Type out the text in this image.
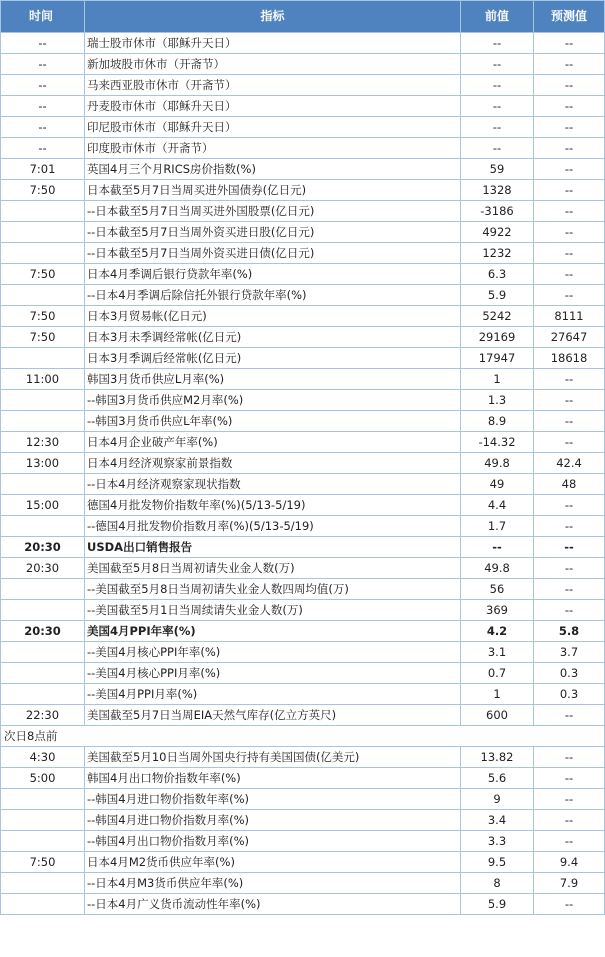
时间	指标	前值	预测值
--	瑞士股市休市（耶稣升天日）	--	--
--	新加坡股市休市（开斋节）	--	--
--	马来西亚股市休市（开斋节）	--	--
--	丹麦股市休市（耶稣升天日）	--	--
--	印尼股市休市（耶稣升天日）	--	--
--	印度股市休市（开斋节）	--	--
7:01	英国4月三个月RICS房价指数(%)	59	--
7:50	日本截至5月7日当周买进外国债券(亿日元)	1328	--
	--日本截至5月7日当周买进外国股票(亿日元)	-3186	--
	--日本截至5月7日当周外资买进日股(亿日元)	4922	--
	--日本截至5月7日当周外资买进日债(亿日元)	1232	--
7:50	日本4月季调后银行贷款年率(%)	6.3	--
	--日本4月季调后除信托外银行贷款年率(%)	5.9	--
7:50	日本3月贸易帐(亿日元)	5242	8111
7:50	日本3月未季调经常帐(亿日元)	29169	27647
	日本3月季调后经常帐(亿日元)	17947	18618
11:00	韩国3月货币供应L月率(%)	1	--
	--韩国3月货币供应M2月率(%)	1.3	--
	--韩国3月货币供应L年率(%)	8.9	--
12:30	日本4月企业破产年率(%)	-14.32	--
13:00	日本4月经济观察家前景指数	49.8	42.4
	--日本4月经济观察家现状指数	49	48
15:00	德国4月批发物价指数年率(%)(5/13-5/19)	4.4	--
	--德国4月批发物价指数月率(%)(5/13-5/19)	1.7	--
20:30	USDA出口销售报告	--	--
20:30	美国截至5月8日当周初请失业金人数(万)	49.8	--
	--美国截至5月8日当周初请失业金人数四周均值(万)	56	--
	--美国截至5月1日当周续请失业金人数(万)	369	--
20:30	美国4月PPI年率(%)	4.2	5.8
	--美国4月核心PPI年率(%)	3.1	3.7
	--美国4月核心PPI月率(%)	0.7	0.3
	--美国4月PPI月率(%)	1	0.3
22:30	美国截至5月7日当周EIA天然气库存(亿立方英尺)	600	--
次日8点前			
4:30	美国截至5月10日当周外国央行持有美国国债(亿美元)	13.82	--
5:00	韩国4月出口物价指数年率(%)	5.6	--
	--韩国4月进口物价指数年率(%)	9	--
	--韩国4月进口物价指数月率(%)	3.4	--
	--韩国4月出口物价指数月率(%)	3.3	--
7:50	日本4月M2货币供应年率(%)	9.5	9.4
	--日本4月M3货币供应年率(%)	8	7.9
	--日本4月广义货币流动性年率(%)	5.9	--
